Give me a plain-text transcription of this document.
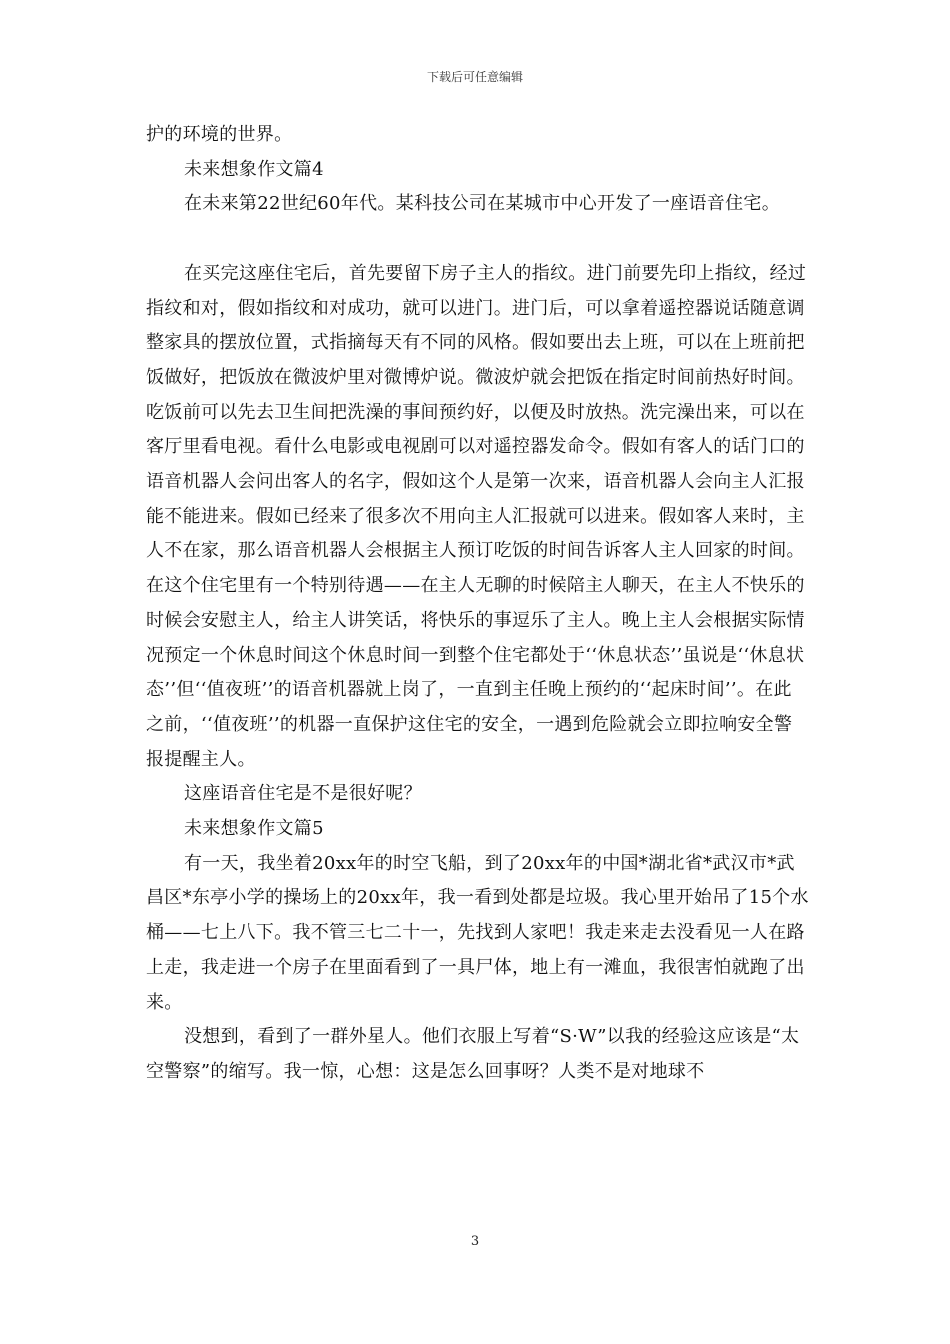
下载后可任意编辑

护的环境的世界。

未来想象作文篇4

在未来第22世纪60年代。某科技公司在某城市中心开发了一座语音住宅。

在买完这座住宅后，首先要留下房子主人的指纹。进门前要先印上指纹，经过指纹和对，假如指纹和对成功，就可以进门。进门后，可以拿着遥控器说话随意调整家具的摆放位置，式指摘每天有不同的风格。假如要出去上班，可以在上班前把饭做好，把饭放在微波炉里对微博炉说。微波炉就会把饭在指定时间前热好时间。吃饭前可以先去卫生间把洗澡的事间预约好，以便及时放热。洗完澡出来，可以在客厅里看电视。看什么电影或电视剧可以对遥控器发命令。假如有客人的话门口的语音机器人会问出客人的名字，假如这个人是第一次来，语音机器人会向主人汇报能不能进来。假如已经来了很多次不用向主人汇报就可以进来。假如客人来时，主人不在家，那么语音机器人会根据主人预订吃饭的时间告诉客人主人回家的时间。在这个住宅里有一个特别待遇——在主人无聊的时候陪主人聊天，在主人不快乐的时候会安慰主人，给主人讲笑话，将快乐的事逗乐了主人。晚上主人会根据实际情况预定一个休息时间这个休息时间一到整个住宅都处于‘‘休息状态’’虽说是‘‘休息状态’’但‘‘值夜班’’的语音机器就上岗了，一直到主任晚上预约的‘‘起床时间’’。在此之前，‘‘值夜班’’的机器一直保护这住宅的安全，一遇到危险就会立即拉响安全警报提醒主人。

这座语音住宅是不是很好呢？

未来想象作文篇5

有一天，我坐着20xx年的时空飞船，到了20xx年的中国*湖北省*武汉市*武昌区*东亭小学的操场上的20xx年，我一看到处都是垃圾。我心里开始吊了15个水桶——七上八下。我不管三七二十一，先找到人家吧！我走来走去没看见一人在路上走，我走进一个房子在里面看到了一具尸体，地上有一滩血，我很害怕就跑了出来。

没想到，看到了一群外星人。他们衣服上写着“S·W”以我的经验这应该是“太空警察”的缩写。我一惊，心想：这是怎么回事呀？人类不是对地球不

3
